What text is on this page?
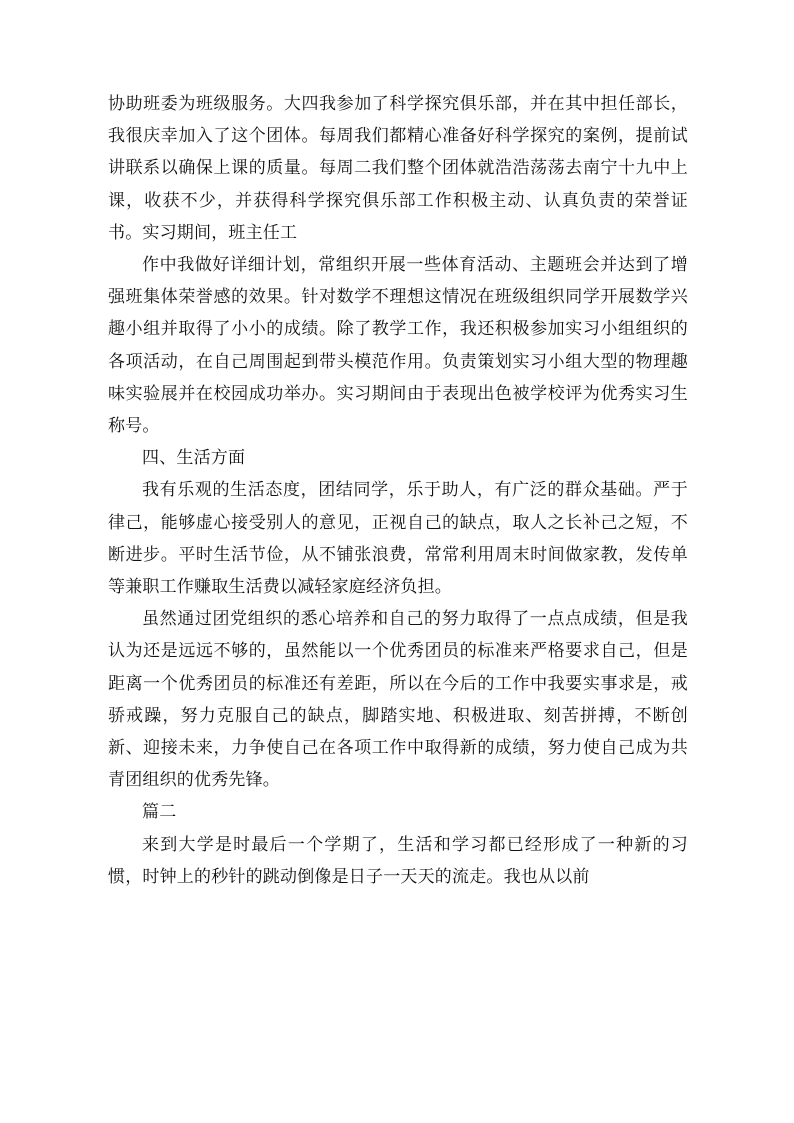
协助班委为班级服务。大四我参加了科学探究俱乐部，并在其中担任部长，我很庆幸加入了这个团体。每周我们都精心准备好科学探究的案例，提前试讲联系以确保上课的质量。每周二我们整个团体就浩浩荡荡去南宁十九中上课，收获不少，并获得科学探究俱乐部工作积极主动、认真负责的荣誉证书。实习期间，班主任工

作中我做好详细计划，常组织开展一些体育活动、主题班会并达到了增强班集体荣誉感的效果。针对数学不理想这情况在班级组织同学开展数学兴趣小组并取得了小小的成绩。除了教学工作，我还积极参加实习小组组织的各项活动，在自己周围起到带头模范作用。负责策划实习小组大型的物理趣味实验展并在校园成功举办。实习期间由于表现出色被学校评为优秀实习生称号。

四、生活方面

我有乐观的生活态度，团结同学，乐于助人，有广泛的群众基础。严于律己，能够虚心接受别人的意见，正视自己的缺点，取人之长补己之短，不断进步。平时生活节俭，从不铺张浪费，常常利用周末时间做家教，发传单等兼职工作赚取生活费以减轻家庭经济负担。

虽然通过团党组织的悉心培养和自己的努力取得了一点点成绩，但是我认为还是远远不够的，虽然能以一个优秀团员的标准来严格要求自己，但是距离一个优秀团员的标准还有差距，所以在今后的工作中我要实事求是，戒骄戒躁，努力克服自己的缺点，脚踏实地、积极进取、刻苦拼搏，不断创新、迎接未来，力争使自己在各项工作中取得新的成绩，努力使自己成为共青团组织的优秀先锋。

篇二

来到大学是时最后一个学期了，生活和学习都已经形成了一种新的习惯，时钟上的秒针的跳动倒像是日子一天天的流走。我也从以前
